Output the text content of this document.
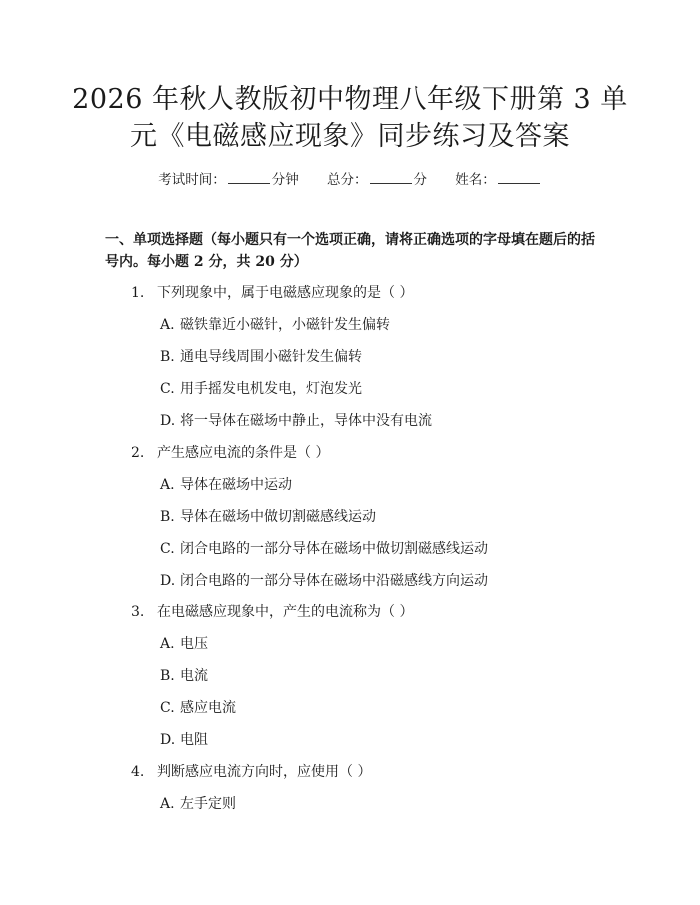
2026 年秋人教版初中物理八年级下册第 3 单
元《电磁感应现象》同步练习及答案
考试时间：	分钟 总分：	分 姓名：
一、单项选择题（每小题只有一个选项正确，请将正确选项的字母填在题后的括号内。每小题 2 分，共 20 分）
1. 下列现象中，属于电磁感应现象的是（ ）
A. 磁铁靠近小磁针，小磁针发生偏转
B. 通电导线周围小磁针发生偏转
C. 用手摇发电机发电，灯泡发光
D. 将一导体在磁场中静止，导体中没有电流
2. 产生感应电流的条件是（ ）
A. 导体在磁场中运动
B. 导体在磁场中做切割磁感线运动
C. 闭合电路的一部分导体在磁场中做切割磁感线运动
D. 闭合电路的一部分导体在磁场中沿磁感线方向运动
3. 在电磁感应现象中，产生的电流称为（ ）
A. 电压
B. 电流
C. 感应电流
D. 电阻
4. 判断感应电流方向时，应使用（ ）
A. 左手定则
